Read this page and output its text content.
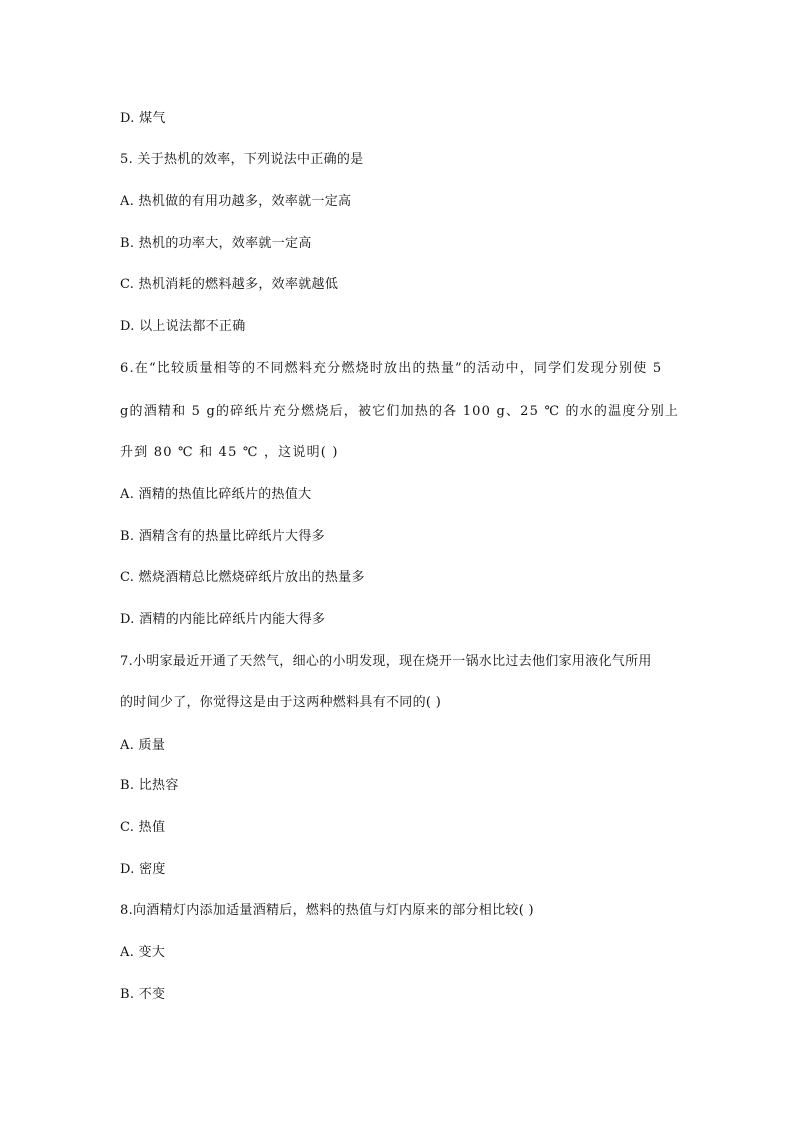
D. 煤气
5. 关于热机的效率，下列说法中正确的是
A. 热机做的有用功越多，效率就一定高
B. 热机的功率大，效率就一定高
C. 热机消耗的燃料越多，效率就越低
D. 以上说法都不正确
6.在“比较质量相等的不同燃料充分燃烧时放出的热量”的活动中，同学们发现分别使 5
g的酒精和 5 g的碎纸片充分燃烧后，被它们加热的各 100 g、25 ℃ 的水的温度分别上
升到 80 ℃ 和 45 ℃ ，这说明( )
A. 酒精的热值比碎纸片的热值大
B. 酒精含有的热量比碎纸片大得多
C. 燃烧酒精总比燃烧碎纸片放出的热量多
D. 酒精的内能比碎纸片内能大得多
7.小明家最近开通了天然气，细心的小明发现，现在烧开一锅水比过去他们家用液化气所用
的时间少了，你觉得这是由于这两种燃料具有不同的( )
A. 质量
B. 比热容
C. 热值
D. 密度
8.向酒精灯内添加适量酒精后，燃料的热值与灯内原来的部分相比较( )
A. 变大
B. 不变
